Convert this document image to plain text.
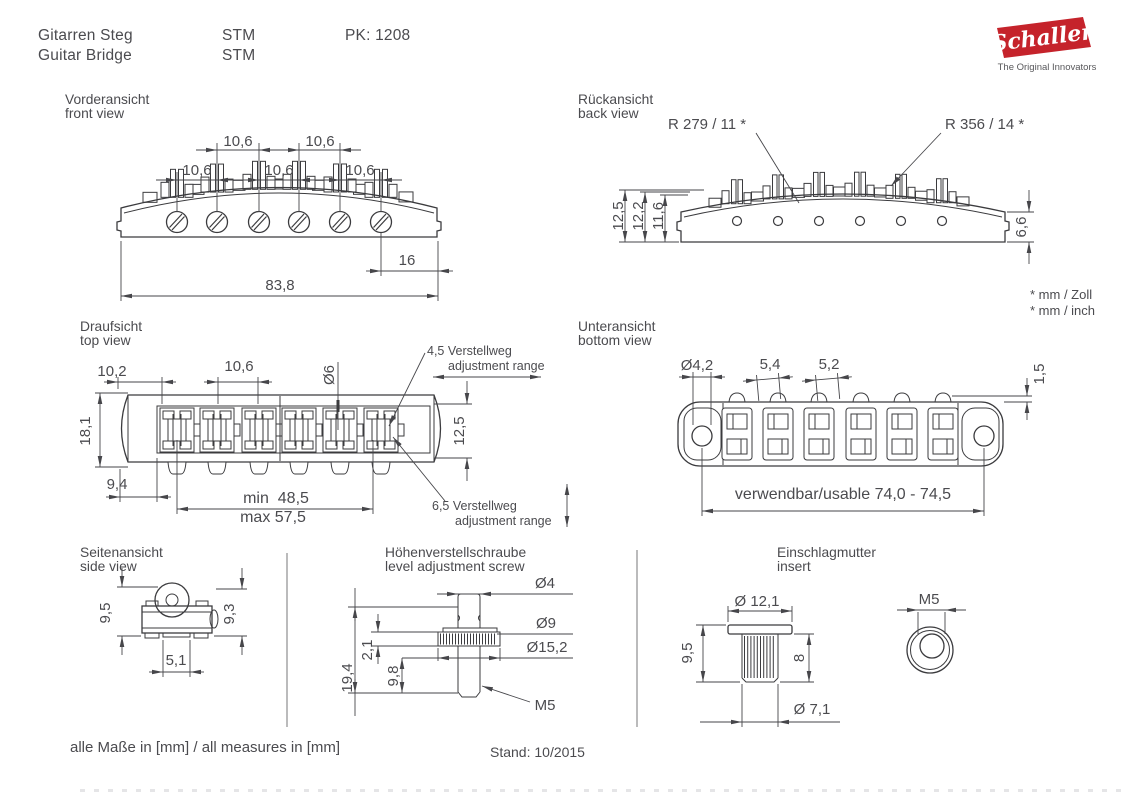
Gitarren Steg
Guitar Bridge
STM
STM
PK: 1208	Schaller
The Original Innovators
Vorderansicht
front view
10,6	10,6
10,6	10,6	10,6
16
83,8
Rückansicht
back view
12,5 12,2 11,6	6,6
R 279 / 11 *	R 356 / 14 *
* mm / Zoll
* mm / inch
Draufsicht
top view
10,2	10,6	Ø6
18,1	12,5
9,4
min  48,5
max 57,5
4,5 Verstellweg
adjustment range
6,5 Verstellweg
adjustment range
Unteransicht
bottom view
Ø4,2	5,4	5,2	1,5
verwendbar/usable 74,0 - 74,5
Seitenansicht
side view
9,5	9,3
5,1
Höhenverstellschraube
level adjustment screw
Ø4
Ø9
Ø15,2
19,4
2,1
9,8
M5
Einschlagmutter
insert
Ø 12,1
9,5	8
Ø 7,1
M5
alle Maße in [mm] / all measures in [mm]	Stand: 10/2015
